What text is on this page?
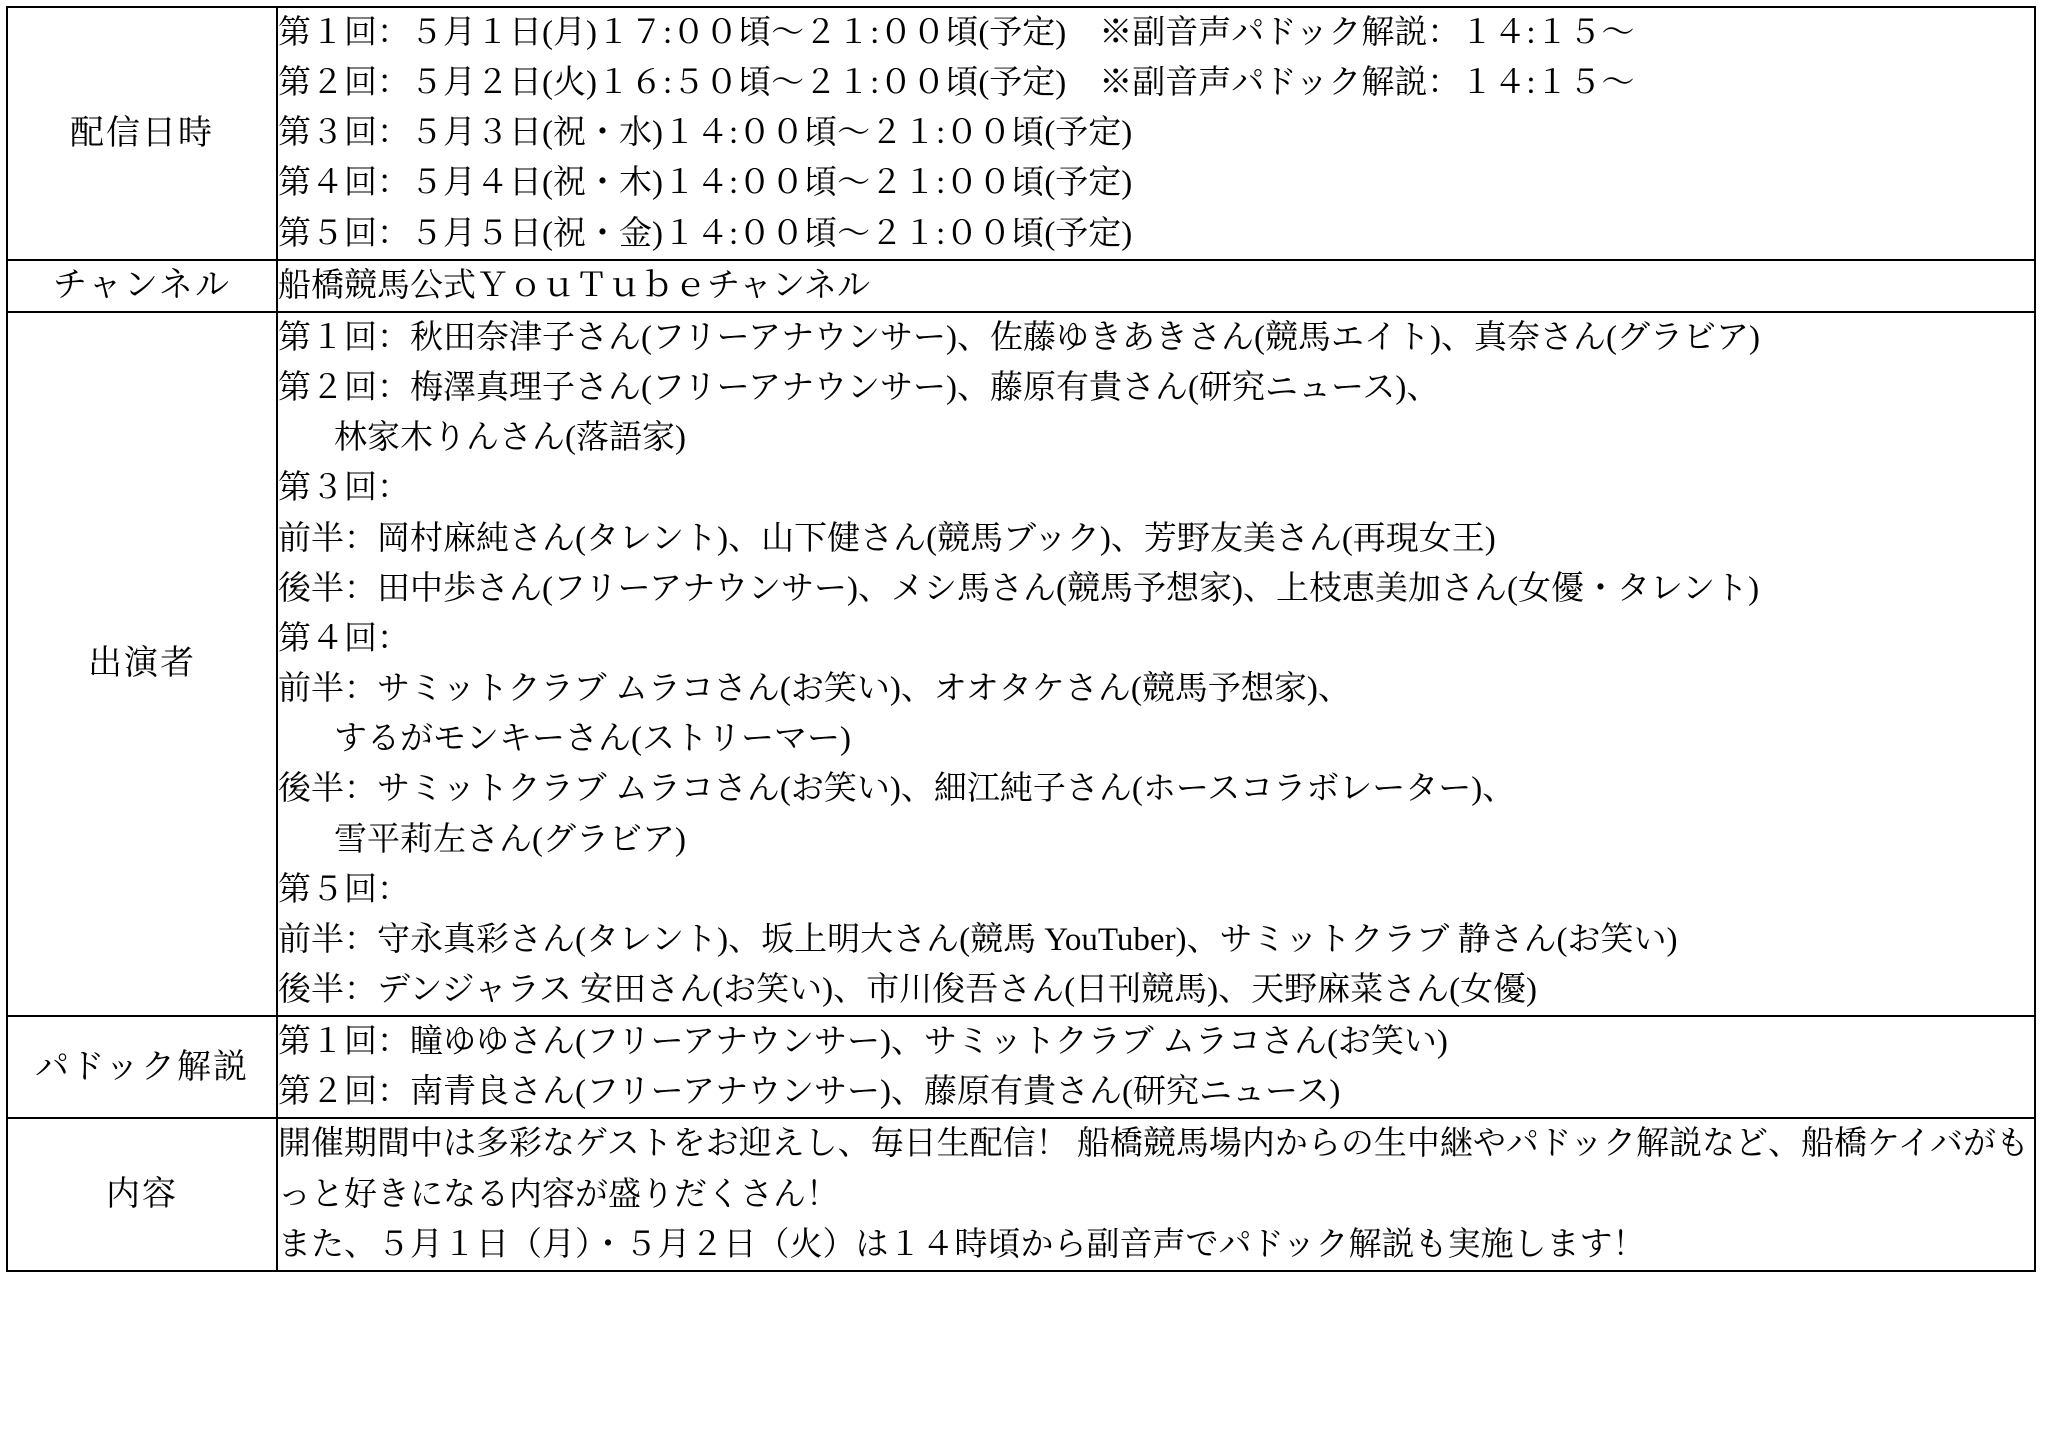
配信日時	第１回：５月１日(月)１７:００頃〜２１:００頃(予定)　※副音声パドック解説：１４:１５〜
第２回：５月２日(火)１６:５０頃〜２１:００頃(予定)　※副音声パドック解説：１４:１５〜
第３回：５月３日(祝・水)１４:００頃〜２１:００頃(予定)
第４回：５月４日(祝・木)１４:００頃〜２１:００頃(予定)
第５回：５月５日(祝・金)１４:００頃〜２１:００頃(予定)

チャンネル	船橋競馬公式ＹｏｕＴｕｂｅチャンネル

出演者	
第１回：秋田奈津子さん(フリーアナウンサー)、佐藤ゆきあきさん(競馬エイト)、真奈さん(グラビア)
第２回：梅澤真理子さん(フリーアナウンサー)、藤原有貴さん(研究ニュース)、
林家木りんさん(落語家)
第３回：
前半：岡村麻純さん(タレント)、山下健さん(競馬ブック)、芳野友美さん(再現女王)
後半：田中歩さん(フリーアナウンサー)、メシ馬さん(競馬予想家)、上枝恵美加さん(女優・タレント)
第４回：
前半：サミットクラブ ムラコさん(お笑い)、オオタケさん(競馬予想家)、
するがモンキーさん(ストリーマー)
後半：サミットクラブ ムラコさん(お笑い)、細江純子さん(ホースコラボレーター)、
雪平莉左さん(グラビア)
第５回：
前半：守永真彩さん(タレント)、坂上明大さん(競馬 YouTuber)、サミットクラブ 静さん(お笑い)
後半：デンジャラス 安田さん(お笑い)、市川俊吾さん(日刊競馬)、天野麻菜さん(女優)

パドック解説	第１回：瞳ゆゆさん(フリーアナウンサー)、サミットクラブ ムラコさん(お笑い)
第２回：南青良さん(フリーアナウンサー)、藤原有貴さん(研究ニュース)

内容	開催期間中は多彩なゲストをお迎えし、毎日生配信！ 船橋競馬場内からの生中継やパドック解説など、船橋ケイバがもっと好きになる内容が盛りだくさん！
また、５月１日（月）・５月２日（火）は１４時頃から副音声でパドック解説も実施します！
